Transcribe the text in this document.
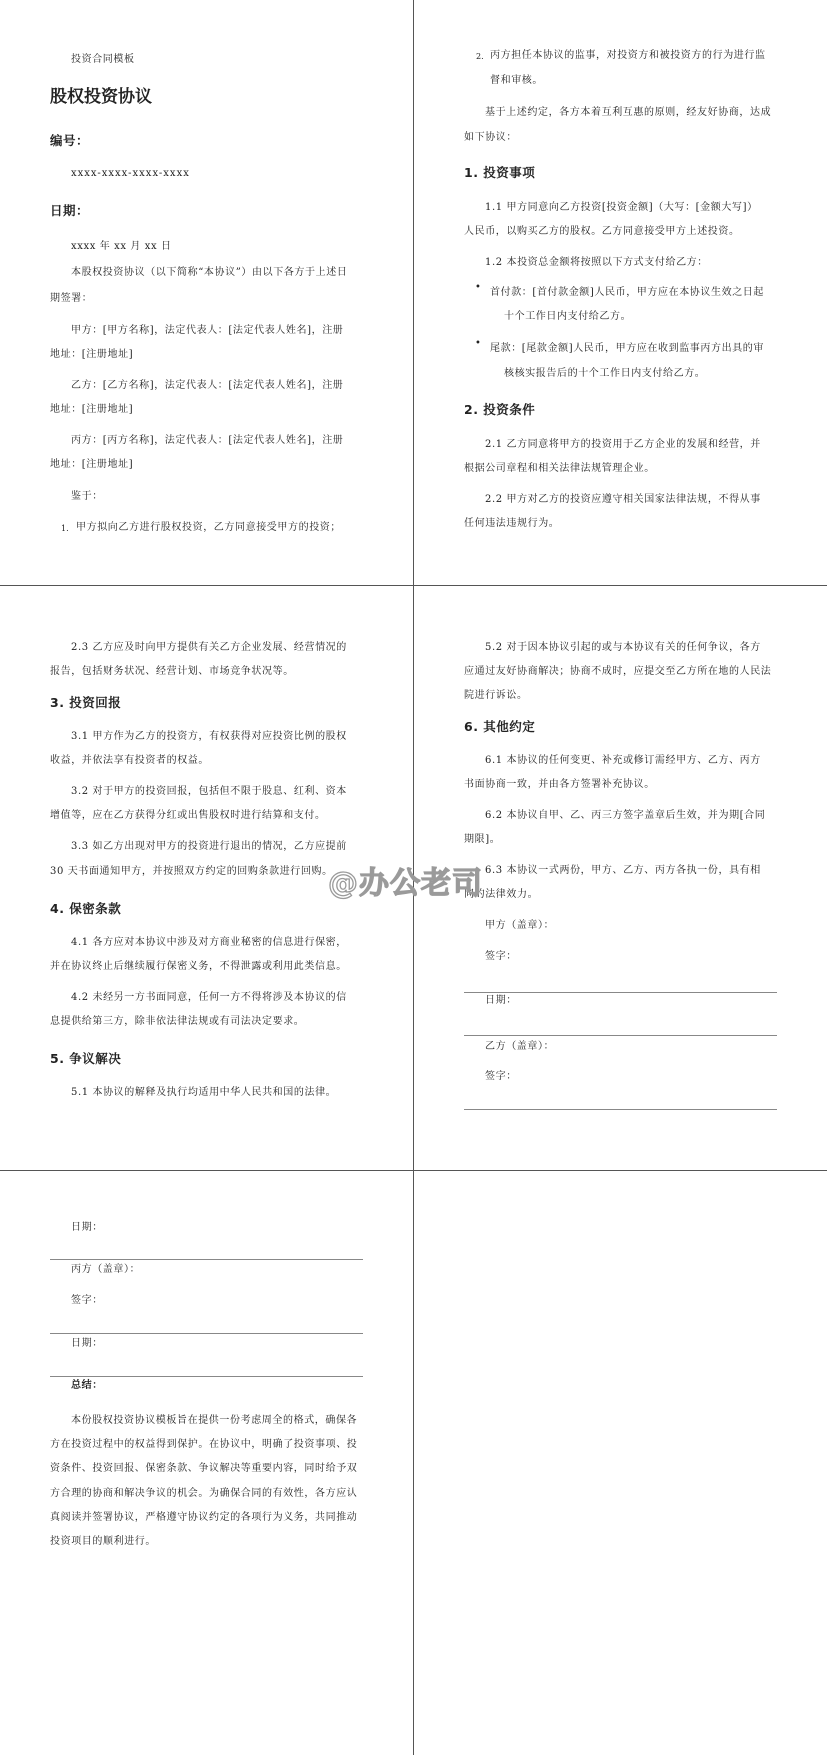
投资合同模板
股权投资协议
编号：
xxxx-xxxx-xxxx-xxxx
日期：
xxxx 年 xx 月 xx 日
本股权投资协议（以下简称“本协议”）由以下各方于上述日
期签署：
甲方：[甲方名称]，法定代表人：[法定代表人姓名]，注册
地址：[注册地址]
乙方：[乙方名称]，法定代表人：[法定代表人姓名]，注册
地址：[注册地址]
丙方：[丙方名称]，法定代表人：[法定代表人姓名]，注册
地址：[注册地址]
鉴于：
1. 甲方拟向乙方进行股权投资，乙方同意接受甲方的投资；
2. 丙方担任本协议的监事，对投资方和被投资方的行为进行监
督和审核。
基于上述约定，各方本着互利互惠的原则，经友好协商，达成
如下协议：
1. 投资事项
1.1 甲方同意向乙方投资[投资金额]（大写：[金额大写]）
人民币，以购买乙方的股权。乙方同意接受甲方上述投资。
1.2 本投资总金额将按照以下方式支付给乙方：
• 首付款：[首付款金额]人民币，甲方应在本协议生效之日起
十个工作日内支付给乙方。
• 尾款：[尾款金额]人民币，甲方应在收到监事丙方出具的审
核核实报告后的十个工作日内支付给乙方。
2. 投资条件
2.1 乙方同意将甲方的投资用于乙方企业的发展和经营，并
根据公司章程和相关法律法规管理企业。
2.2 甲方对乙方的投资应遵守相关国家法律法规，不得从事
任何违法违规行为。
2.3 乙方应及时向甲方提供有关乙方企业发展、经营情况的
报告，包括财务状况、经营计划、市场竞争状况等。
3. 投资回报
3.1 甲方作为乙方的投资方，有权获得对应投资比例的股权
收益，并依法享有投资者的权益。
3.2 对于甲方的投资回报，包括但不限于股息、红利、资本
增值等，应在乙方获得分红或出售股权时进行结算和支付。
3.3 如乙方出现对甲方的投资进行退出的情况，乙方应提前
30 天书面通知甲方，并按照双方约定的回购条款进行回购。
4. 保密条款
4.1 各方应对本协议中涉及对方商业秘密的信息进行保密，
并在协议终止后继续履行保密义务，不得泄露或利用此类信息。
4.2 未经另一方书面同意，任何一方不得将涉及本协议的信
息提供给第三方，除非依法律法规或有司法决定要求。
5. 争议解决
5.1 本协议的解释及执行均适用中华人民共和国的法律。
5.2 对于因本协议引起的或与本协议有关的任何争议，各方
应通过友好协商解决；协商不成时，应提交至乙方所在地的人民法
院进行诉讼。
6. 其他约定
6.1 本协议的任何变更、补充或修订需经甲方、乙方、丙方
书面协商一致，并由各方签署补充协议。
6.2 本协议自甲、乙、丙三方签字盖章后生效，并为期[合同
期限]。
6.3 本协议一式两份，甲方、乙方、丙方各执一份，具有相
同的法律效力。
甲方（盖章）：
签字：
日期：
乙方（盖章）：
签字：
日期：
丙方（盖章）：
签字：
日期：
总结：
本份股权投资协议模板旨在提供一份考虑周全的格式，确保各
方在投资过程中的权益得到保护。在协议中，明确了投资事项、投
资条件、投资回报、保密条款、争议解决等重要内容，同时给予双
方合理的协商和解决争议的机会。为确保合同的有效性，各方应认
真阅读并签署协议，严格遵守协议约定的各项行为义务，共同推动
投资项目的顺利进行。
@办公老司
